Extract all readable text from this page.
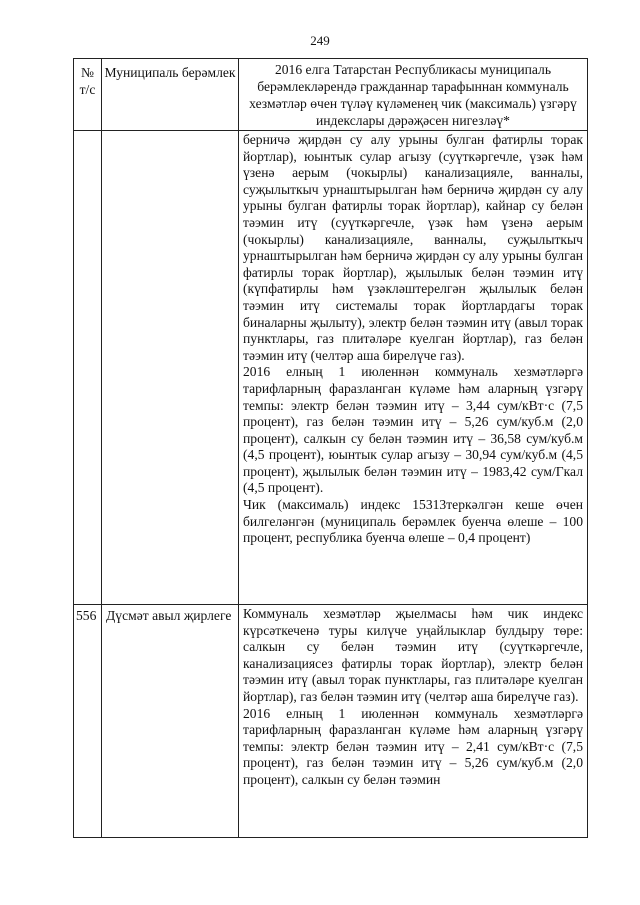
249
№ т/с	Муниципаль берәмлек	2016 елга Татарстан Республикасы муниципаль берәмлекләрендә гражданнар тарафыннан коммуналь хезмәтләр өчен түләү күләменең чик (максималь) үзгәрү индекслары дәрәҗәсен нигезләү*

		берничә җирдән су алу урыны булган фатирлы торак йортлар), юынтык сулар агызу (суүткәргечле, үзәк һәм үзенә аерым (чокырлы) канализацияле, ванналы, суҗылыткыч урнаштырылган һәм берничә җирдән су алу урыны булган фатирлы торак йортлар), кайнар су белән тәэмин итү (суүткәргечле, үзәк һәм үзенә аерым (чокырлы) канализацияле, ванналы, суҗылыткыч урнаштырылган һәм берничә җирдән су алу урыны булган фатирлы торак йортлар), җылылык белән тәэмин итү (күпфатирлы һәм үзәкләштерелгән җылылык белән тәэмин итү системалы торак йортлардагы торак биналарны җылыту), электр белән тәэмин итү (авыл торак пунктлары, газ плитәләре куелган йортлар), газ белән тәэмин итү (челтәр аша бирелүче газ).

2016 елның 1 июленнән коммуналь хезмәтләргә тарифларның фаразланган күләме һәм аларның үзгәрү темпы: электр белән тәэмин итү – 3,44 сум/кВт·с (7,5 процент), газ белән тәэмин итү – 5,26 сум/куб.м (2,0 процент), салкын су белән тәэмин итү – 36,58 сум/куб.м (4,5 процент), юынтык сулар агызу – 30,94 сум/куб.м (4,5 процент), җылылык белән тәэмин итү – 1983,42 сум/Гкал (4,5 процент).

Чик (максималь) индекс 15313теркәлгән кеше өчен билгеләнгән (муниципаль берәмлек буенча өлеше – 100 процент, республика буенча өлеше – 0,4 процент)

556	Дүсмәт авыл җирлеге	Коммуналь хезмәтләр җыелмасы һәм чик индекс күрсәткеченә туры килүче уңайлыклар булдыру төре: салкын су белән тәэмин итү (суүткәргечле, канализациясез фатирлы торак йортлар), электр белән тәэмин итү (авыл торак пунктлары, газ плитәләре куелган йортлар), газ белән тәэмин итү (челтәр аша бирелүче газ).

2016 елның 1 июленнән коммуналь хезмәтләргә тарифларның фаразланган күләме һәм аларның үзгәрү темпы: электр белән тәэмин итү – 2,41 сум/кВт·с (7,5 процент), газ белән тәэмин итү – 5,26 сум/куб.м (2,0 процент), салкын су белән тәэмин
